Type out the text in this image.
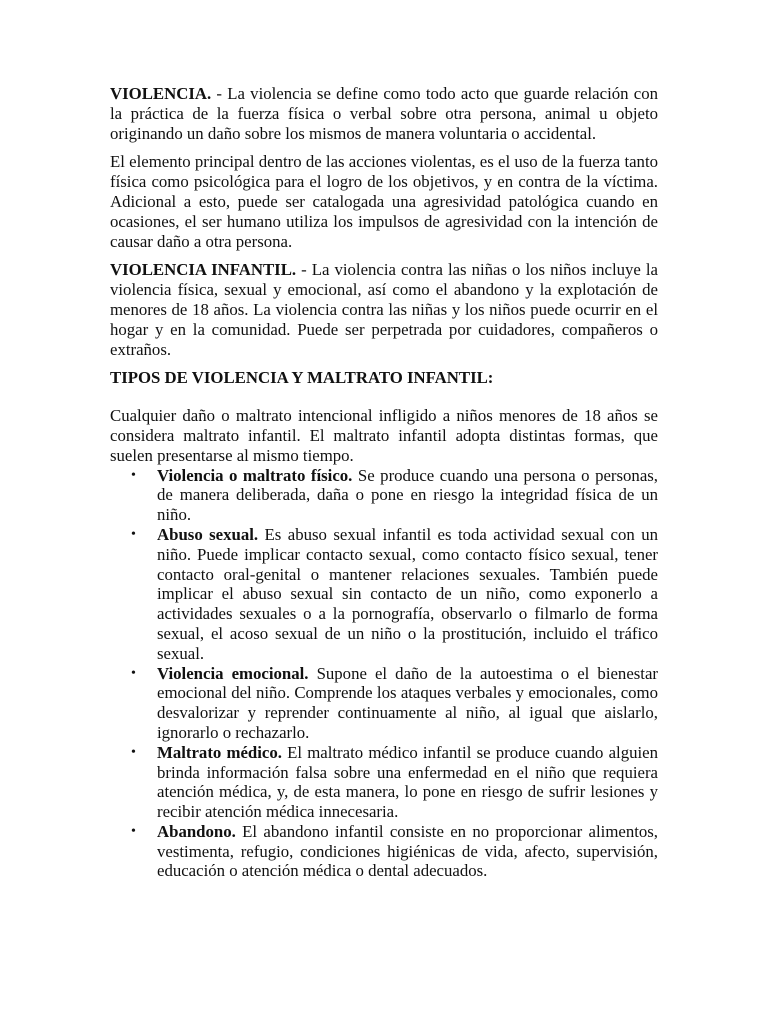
VIOLENCIA. - La violencia se define como todo acto que guarde relación con la práctica de la fuerza física o verbal sobre otra persona, animal u objeto originando un daño sobre los mismos de manera voluntaria o accidental.

El elemento principal dentro de las acciones violentas, es el uso de la fuerza tanto física como psicológica para el logro de los objetivos, y en contra de la víctima. Adicional a esto, puede ser catalogada una agresividad patológica cuando en ocasiones, el ser humano utiliza los impulsos de agresividad con la intención de causar daño a otra persona.

VIOLENCIA INFANTIL. - La violencia contra las niñas o los niños incluye la violencia física, sexual y emocional, así como el abandono y la explotación de menores de 18 años. La violencia contra las niñas y los niños puede ocurrir en el hogar y en la comunidad. Puede ser perpetrada por cuidadores, compañeros o extraños.

TIPOS DE VIOLENCIA Y MALTRATO INFANTIL:

Cualquier daño o maltrato intencional infligido a niños menores de 18 años se considera maltrato infantil. El maltrato infantil adopta distintas formas, que suelen presentarse al mismo tiempo.

• Violencia o maltrato físico. Se produce cuando una persona o personas, de manera deliberada, daña o pone en riesgo la integridad física de un niño.
• Abuso sexual. Es abuso sexual infantil es toda actividad sexual con un niño. Puede implicar contacto sexual, como contacto físico sexual, tener contacto oral-genital o mantener relaciones sexuales. También puede implicar el abuso sexual sin contacto de un niño, como exponerlo a actividades sexuales o a la pornografía, observarlo o filmarlo de forma sexual, el acoso sexual de un niño o la prostitución, incluido el tráfico sexual.
• Violencia emocional. Supone el daño de la autoestima o el bienestar emocional del niño. Comprende los ataques verbales y emocionales, como desvalorizar y reprender continuamente al niño, al igual que aislarlo, ignorarlo o rechazarlo.
• Maltrato médico. El maltrato médico infantil se produce cuando alguien brinda información falsa sobre una enfermedad en el niño que requiera atención médica, y, de esta manera, lo pone en riesgo de sufrir lesiones y recibir atención médica innecesaria.
• Abandono. El abandono infantil consiste en no proporcionar alimentos, vestimenta, refugio, condiciones higiénicas de vida, afecto, supervisión, educación o atención médica o dental adecuados.
